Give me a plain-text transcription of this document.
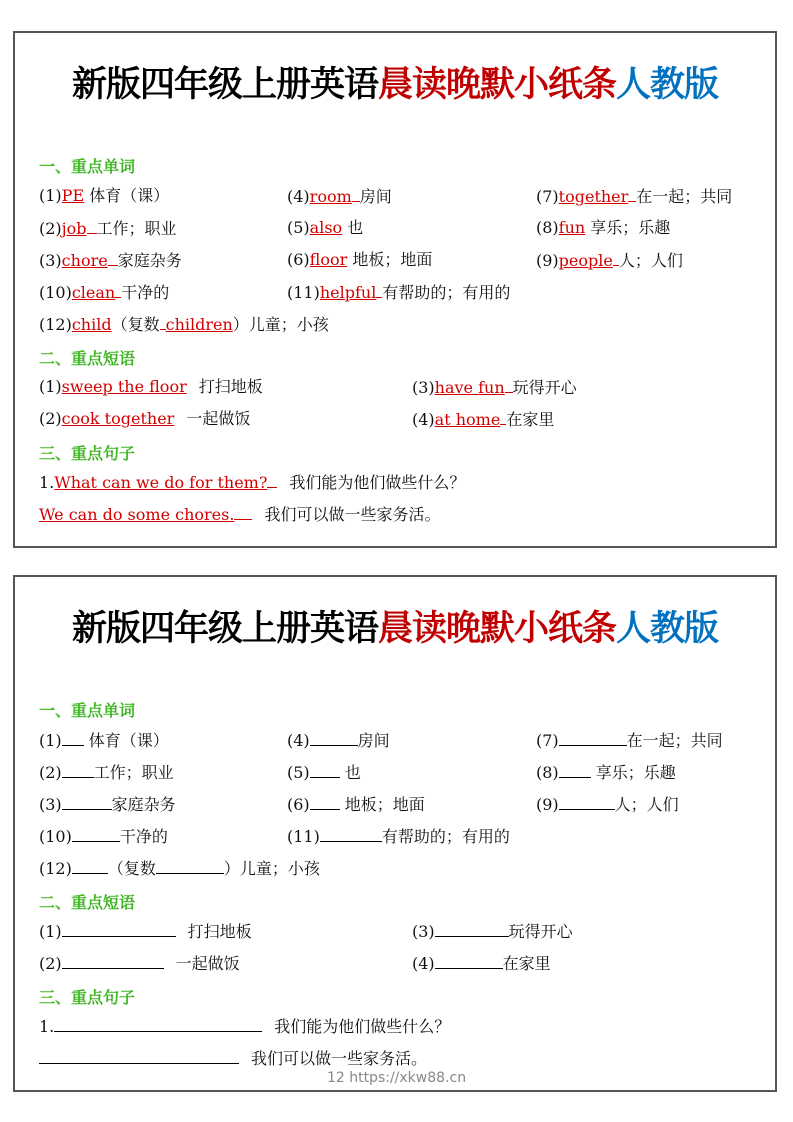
新版四年级上册英语晨读晚默小纸条人教版
一、重点单词
(1)PE 体育（课）
(2)job 工作；职业
(3)chore 家庭杂务
(10)clean 干净的
(12)child（复数 children）儿童；小孩
(4)room 房间
(5)also 也
(6)floor 地板；地面
(11)helpful 有帮助的；有用的
(7)together 在一起；共同
(8)fun 享乐；乐趣
(9)people 人；人们
二、重点短语
(1)sweep the floor 打扫地板
(2)cook together 一起做饭
(3)have fun 玩得开心
(4)at home 在家里
三、重点句子
1.What can we do for them? 我们能为他们做些什么？
We can do some chores. 我们可以做一些家务活。
新版四年级上册英语晨读晚默小纸条人教版
一、重点单词
(1) 体育（课）
(2) 工作；职业
(3)	家庭杂务
(10)	干净的
(12) （复数	）儿童；小孩
(4)	房间
(5) 也
(6) 地板；地面
(11)	有帮助的；有用的
(7)	在一起；共同
(8) 享乐；乐趣
(9)	人；人们
二、重点短语
(1)	打扫地板
(2)	一起做饭
(3)	玩得开心
(4)	在家里
三、重点句子
1.	我们能为他们做些什么？
我们可以做一些家务活。
12 https://xkw88.cn
